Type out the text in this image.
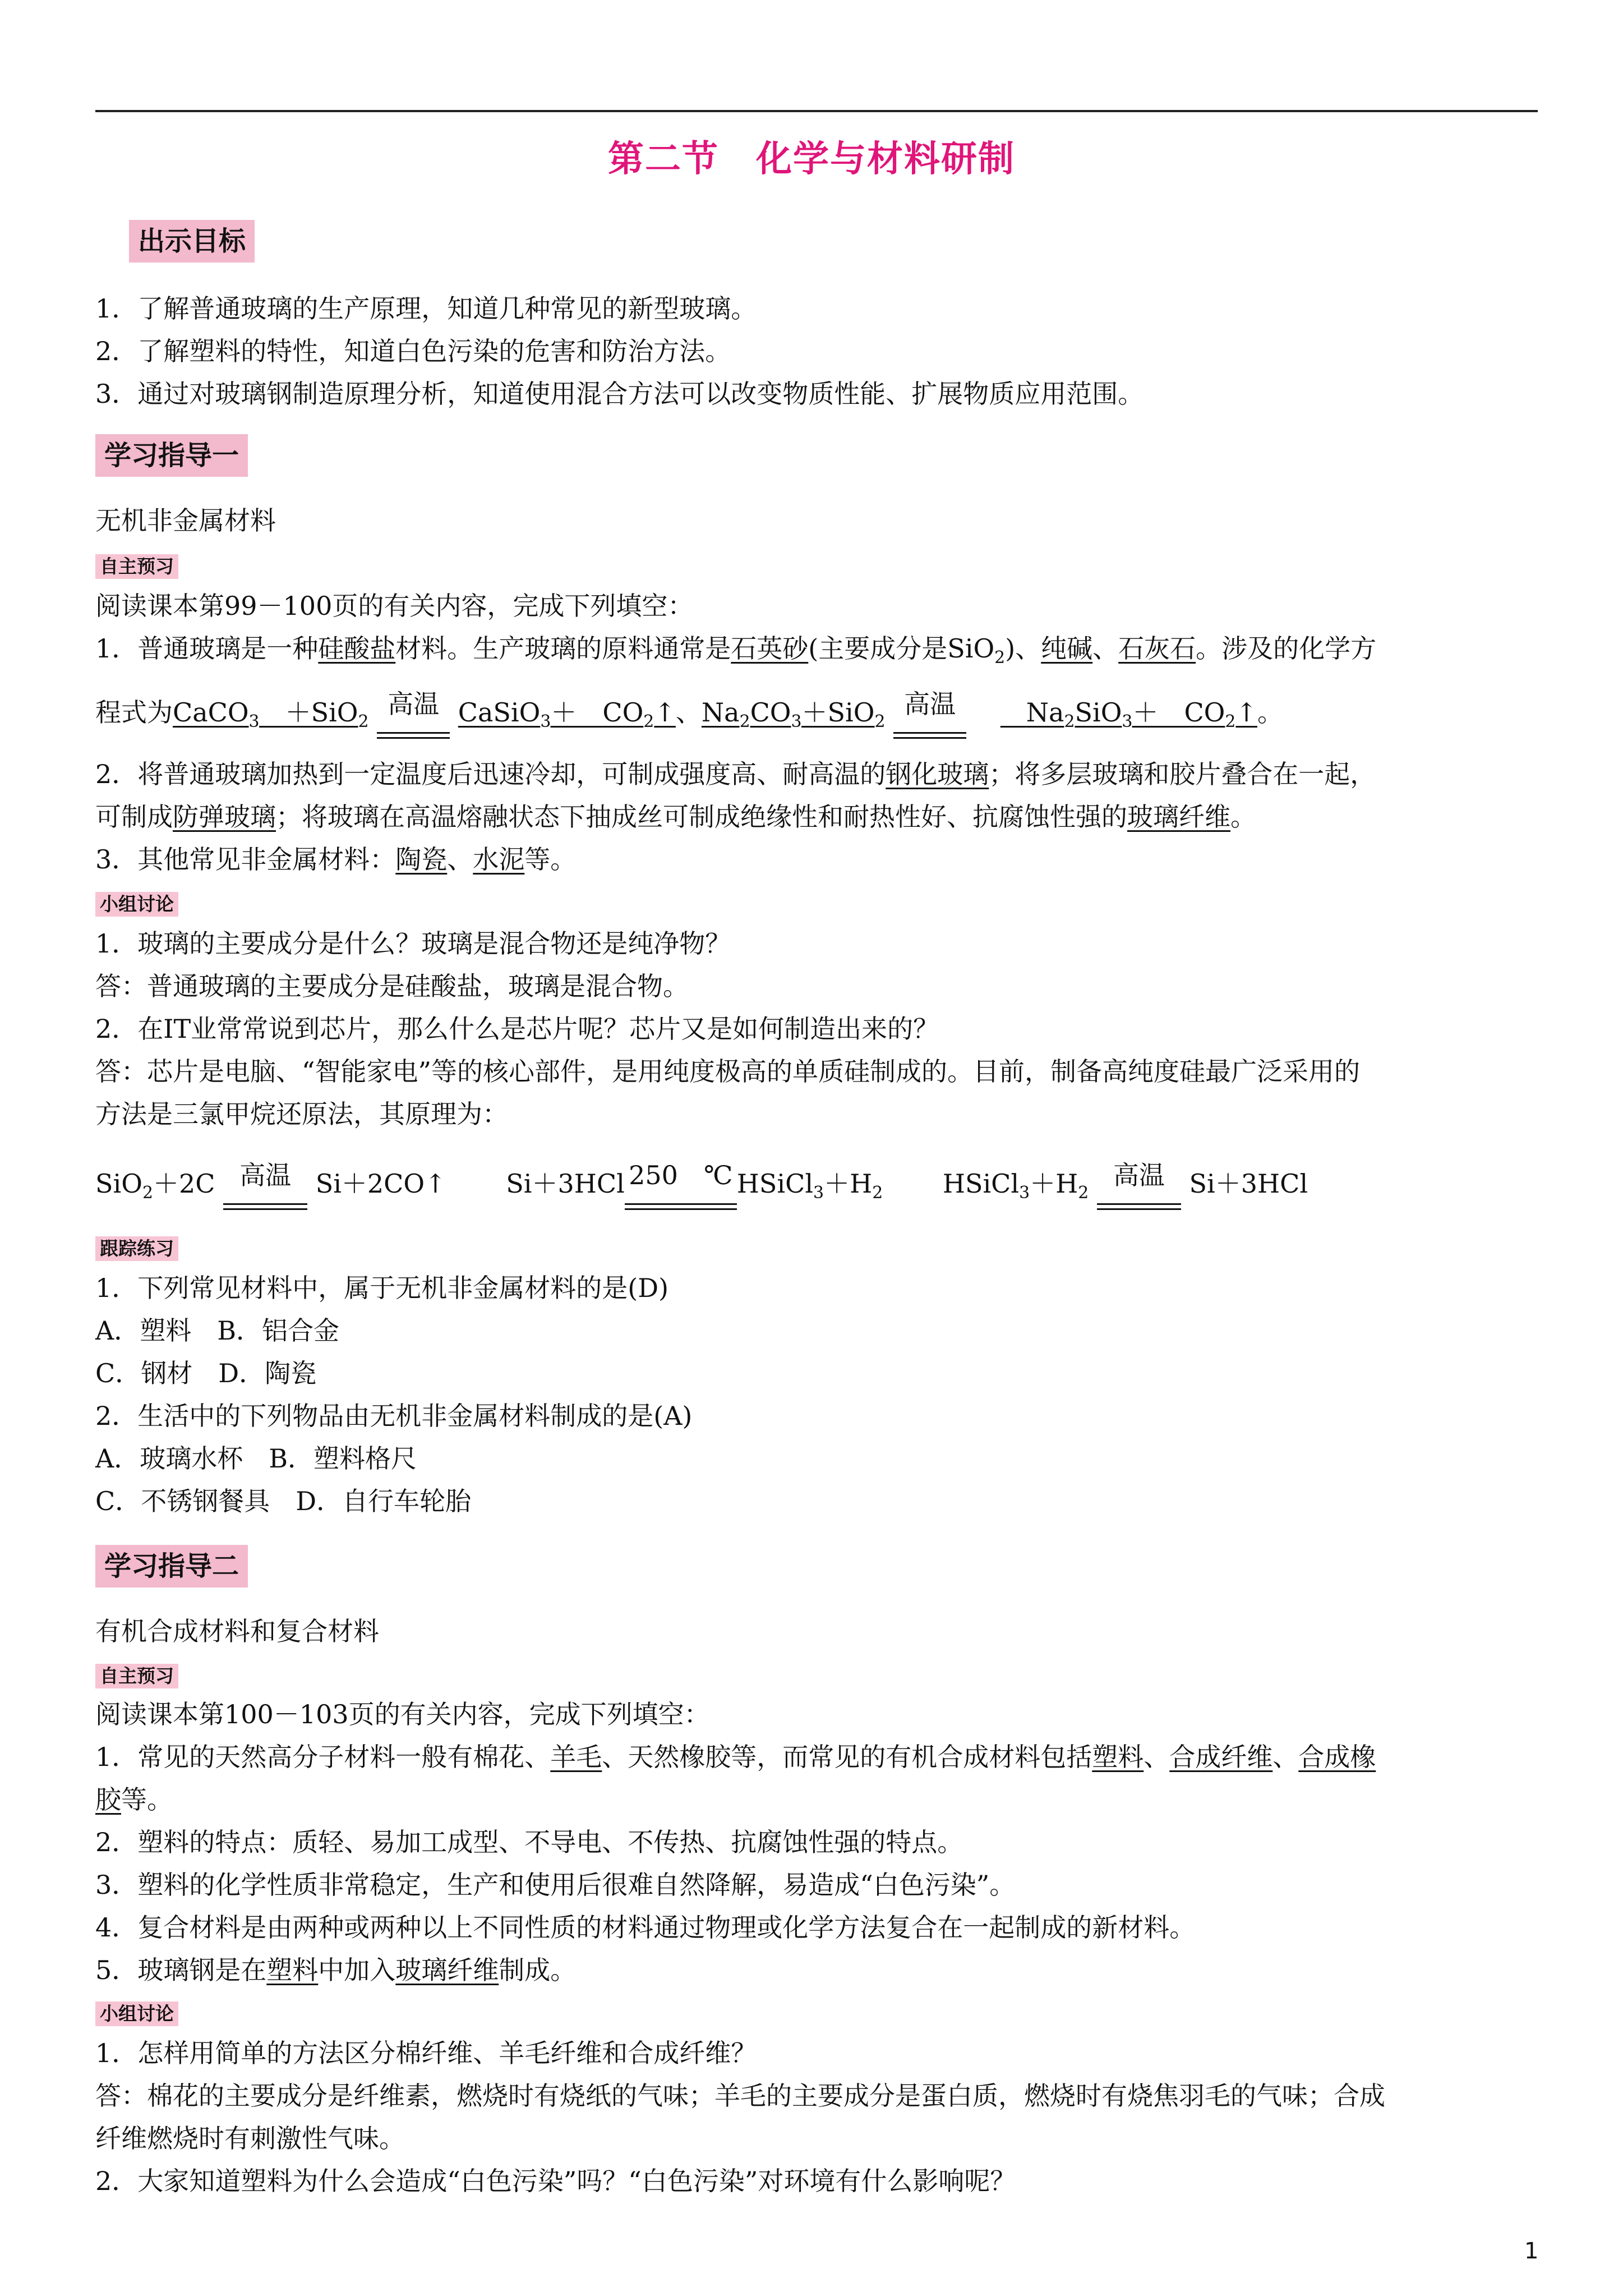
第二节　化学与材料研制
出示目标
1．了解普通玻璃的生产原理，知道几种常见的新型玻璃。
2．了解塑料的特性，知道白色污染的危害和防治方法。
3．通过对玻璃钢制造原理分析，知道使用混合方法可以改变物质性能、扩展物质应用范围。
学习指导一
无机非金属材料
自主预习
阅读课本第99－100页的有关内容，完成下列填空：
1．普通玻璃是一种硅酸盐材料。生产玻璃的原料通常是石英砂(主要成分是SiO$_2$)、纯碱、石灰石。涉及的化学方
程式为CaCO$_3$　 ＋SiO$_2$
高温 CaSiO$_3$＋　$CO_2↑$、$Na_2CO_3+SiO_2$
高温
　　	$Na_2SiO_3+$　$CO_2↑$。
2．将普通玻璃加热到一定温度后迅速冷却，可制成强度高、耐高温的钢化玻璃；将多层玻璃和胶片叠合在一起，
可制成防弹玻璃；将玻璃在高温熔融状态下抽成丝可制成绝缘性和耐热性好、抗腐蚀性强的玻璃纤维。
3．其他常见非金属材料：陶瓷、水泥等。
小组讨论
1．玻璃的主要成分是什么？玻璃是混合物还是纯净物？
答：普通玻璃的主要成分是硅酸盐，玻璃是混合物。
2．在IT业常常说到芯片，那么什么是芯片呢？芯片又是如何制造出来的？
答：芯片是电脑、“智能家电”等的核心部件，是用纯度极高的单质硅制成的。目前，制备高纯度硅最广泛采用的
方法是三氯甲烷还原法，其原理为：
SiO$_2$＋2C 高温 Si＋2CO↑　　 Si＋3HCl 250　℃ $HSiCl_3+H_2$　　 $HSiCl_3+H_2$
高温 Si＋3HCl
跟踪练习
1．下列常见材料中，属于无机非金属材料的是(D)
A．塑料　B．铝合金
C．钢材　D．陶瓷
2．生活中的下列物品由无机非金属材料制成的是(A)
A．玻璃水杯　B．塑料格尺
C．不锈钢餐具　D．自行车轮胎
学习指导二
有机合成材料和复合材料
自主预习
阅读课本第100－103页的有关内容，完成下列填空：
1．常见的天然高分子材料一般有棉花、羊毛、天然橡胶等，而常见的有机合成材料包括塑料、合成纤维、合成橡
胶等。
2．塑料的特点：质轻、易加工成型、不导电、不传热、抗腐蚀性强的特点。
3．塑料的化学性质非常稳定，生产和使用后很难自然降解，易造成“白色污染”。
4．复合材料是由两种或两种以上不同性质的材料通过物理或化学方法复合在一起制成的新材料。
5．玻璃钢是在塑料中加入玻璃纤维制成。
小组讨论
1．怎样用简单的方法区分棉纤维、羊毛纤维和合成纤维？
答：棉花的主要成分是纤维素，燃烧时有烧纸的气味；羊毛的主要成分是蛋白质，燃烧时有烧焦羽毛的气味；合成
纤维燃烧时有刺激性气味。
2．大家知道塑料为什么会造成“白色污染”吗？“白色污染”对环境有什么影响呢？
1
